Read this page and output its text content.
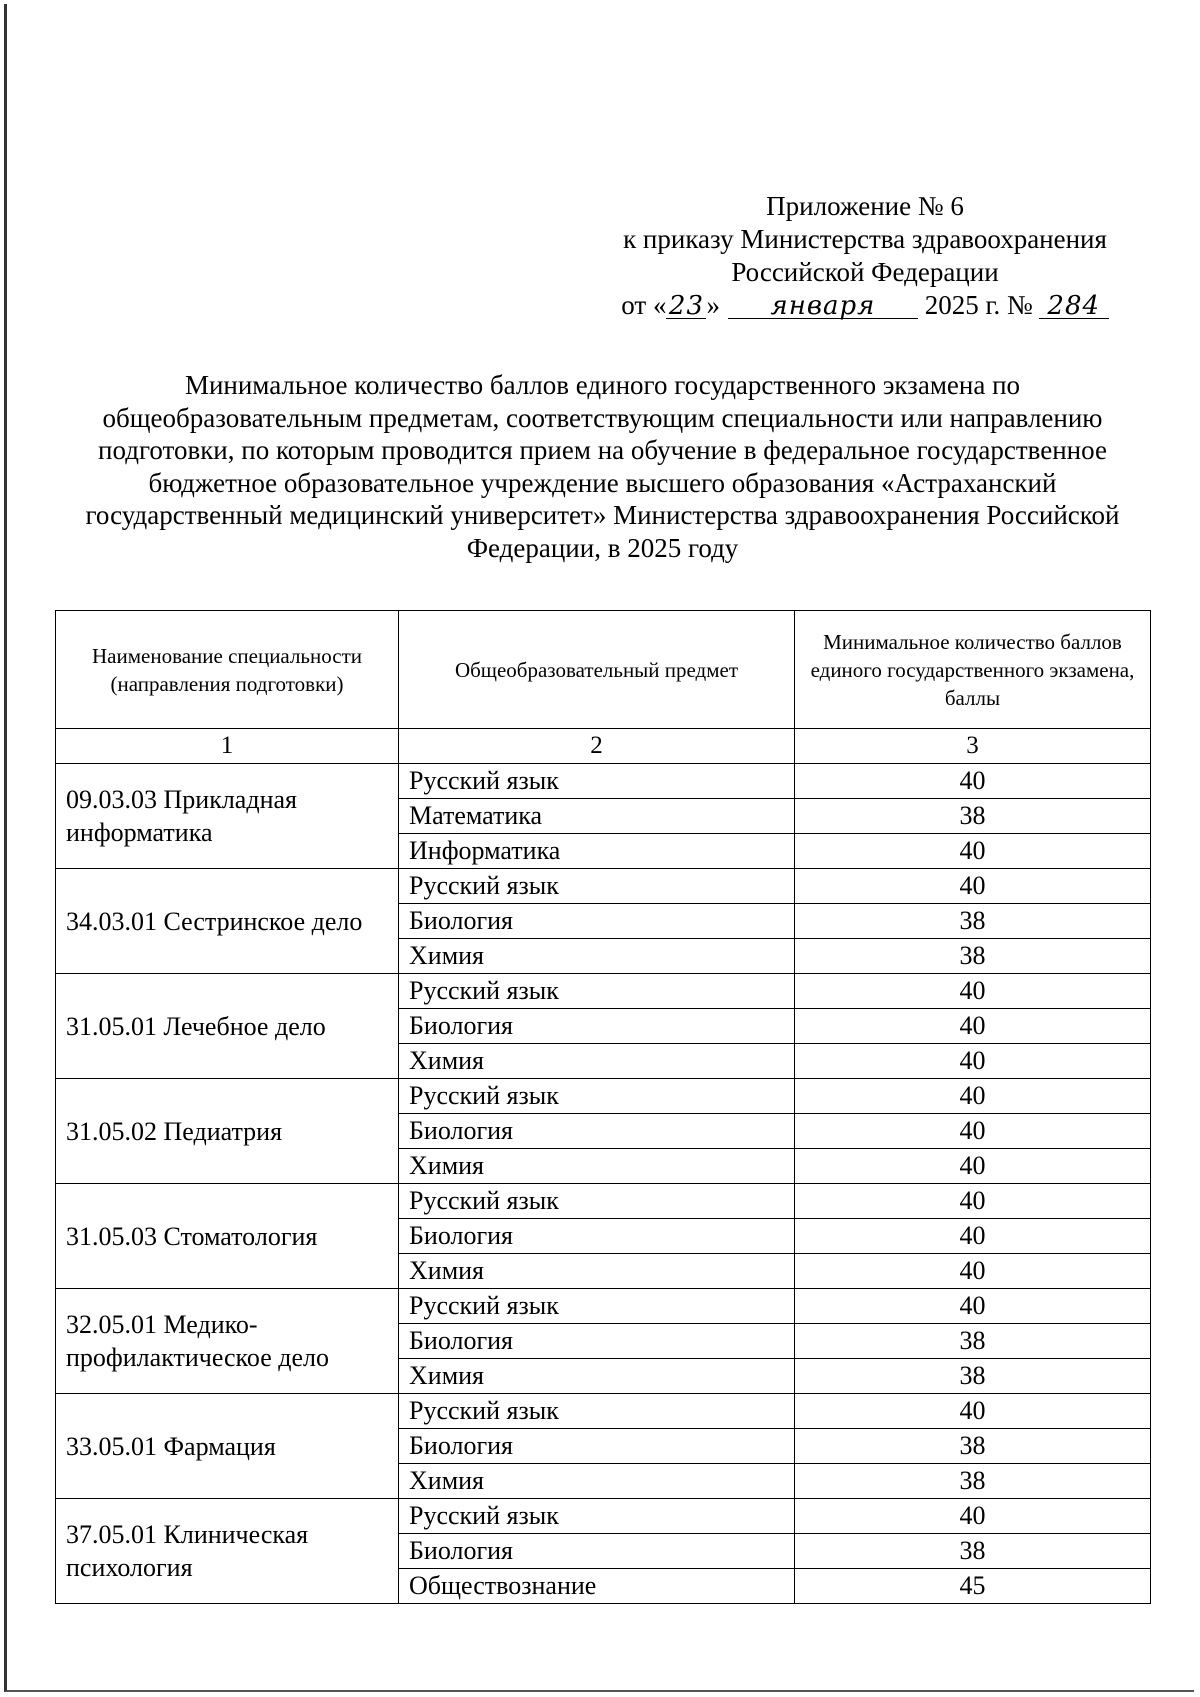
Приложение № 6
к приказу Министерства здравоохранения
Российской Федерации
от «23» января 2025 г. № 284
Минимальное количество баллов единого государственного экзамена по
общеобразовательным предметам, соответствующим специальности или направлению
подготовки, по которым проводится прием на обучение в федеральное государственное
бюджетное образовательное учреждение высшего образования «Астраханский
государственный медицинский университет» Министерства здравоохранения Российской
Федерации, в 2025 году
Наименование специальности (направления подготовки)	Общеобразовательный предмет	Минимальное количество баллов единого государственного экзамена, баллы
1	2	3
09.03.03 Прикладная информатика	Русский язык	40
	Математика	38
	Информатика	40
34.03.01 Сестринское дело	Русский язык	40
	Биология	38
	Химия	38
31.05.01 Лечебное дело	Русский язык	40
	Биология	40
	Химия	40
31.05.02 Педиатрия	Русский язык	40
	Биология	40
	Химия	40
31.05.03 Стоматология	Русский язык	40
	Биология	40
	Химия	40
32.05.01 Медико-профилактическое дело	Русский язык	40
	Биология	38
	Химия	38
33.05.01 Фармация	Русский язык	40
	Биология	38
	Химия	38
37.05.01 Клиническая психология	Русский язык	40
	Биология	38
	Обществознание	45
